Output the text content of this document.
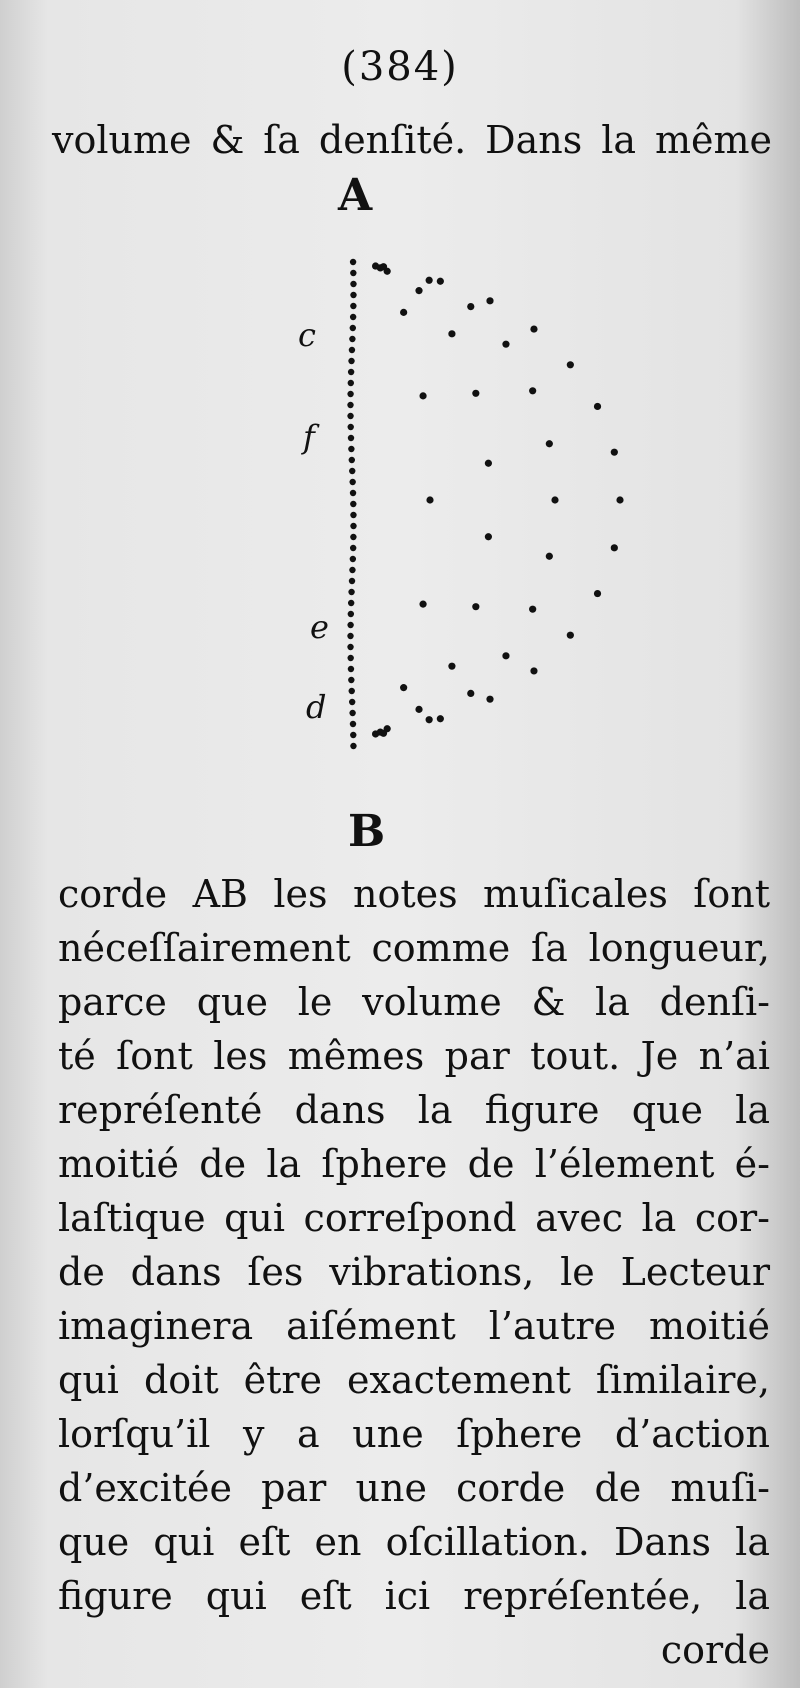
(384)
volume & ſa denſité. Dans la même
A
c
f
e
d
B
corde AB les notes muſicales ſont
néceſſairement comme ſa longueur,
parce que le volume & la denſi-
té ſont les mêmes par tout. Je n’ai
repréſenté dans la figure que la
moitié de la ſphere de l’élement é-
laſtique qui correſpond avec la cor-
de dans ſes vibrations, le Lecteur
imaginera aiſément l’autre moitié
qui doit être exactement ſimilaire,
lorſqu’il y a une ſphere d’action
d’excitée par une corde de muſi-
que qui eſt en oſcillation. Dans la
figure qui eſt ici repréſentée, la
corde
